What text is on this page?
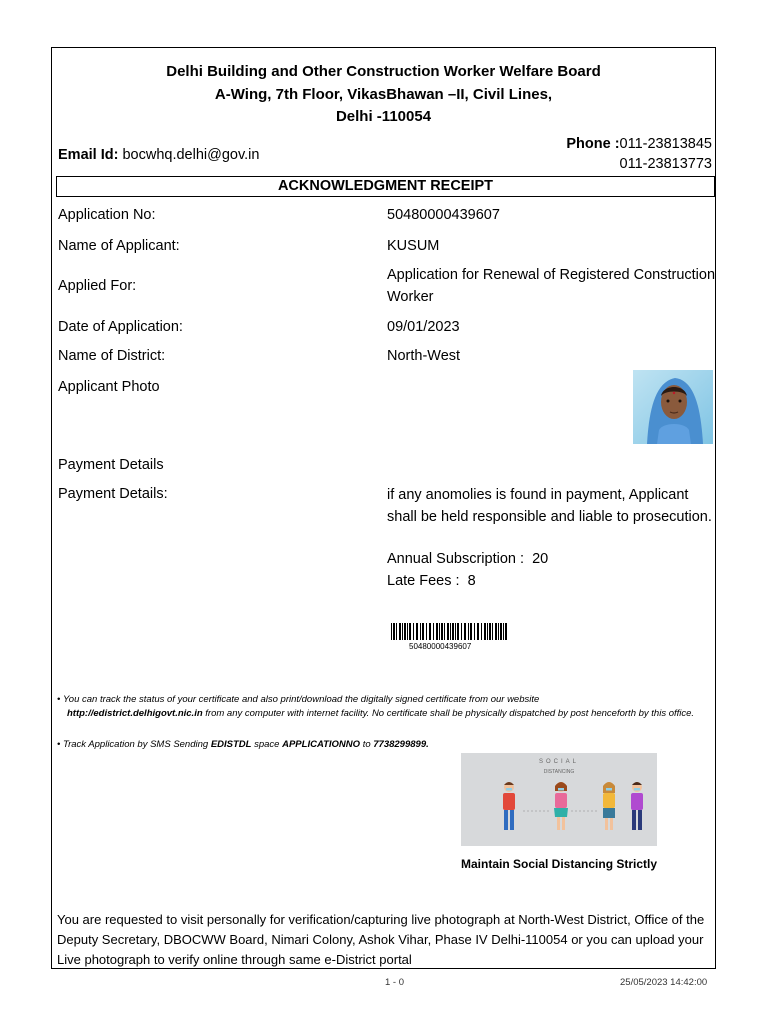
Delhi Building and Other Construction Worker Welfare Board
A-Wing, 7th Floor, VikasBhawan –II, Civil Lines,
Delhi -110054
Email Id: bocwhq.delhi@gov.in
Phone :011-23813845
011-23813773
ACKNOWLEDGMENT RECEIPT
Application No:	50480000439607
Name of Applicant:	KUSUM
Applied For:
Application for Renewal of Registered Construction Worker
Date of Application:	09/01/2023
Name of District:	North-West
Applicant Photo
Payment Details
Payment Details:	if any anomolies is found in payment, Applicant shall be held responsible and liable to prosecution.
Annual Subscription : 20
Late Fees : 8
50480000439607
• You can track the status of your certificate and also print/download the digitally signed certificate from our website
http://edistrict.delhigovt.nic.in from any computer with internet facility. No certificate shall be physically dispatched by post henceforth by this office.
• Track Application by SMS Sending EDISTDL space APPLICATIONNO to 7738299899.
SOCIAL
DISTANCING
Maintain Social Distancing Strictly
You are requested to visit personally for verification/capturing live photograph at North-West District, Office of the Deputy Secretary, DBOCWW Board, Nimari Colony, Ashok Vihar, Phase IV Delhi-110054 or you can upload your Live photograph to verify online through same e-District portal
1 - 0	25/05/2023 14:42:00
